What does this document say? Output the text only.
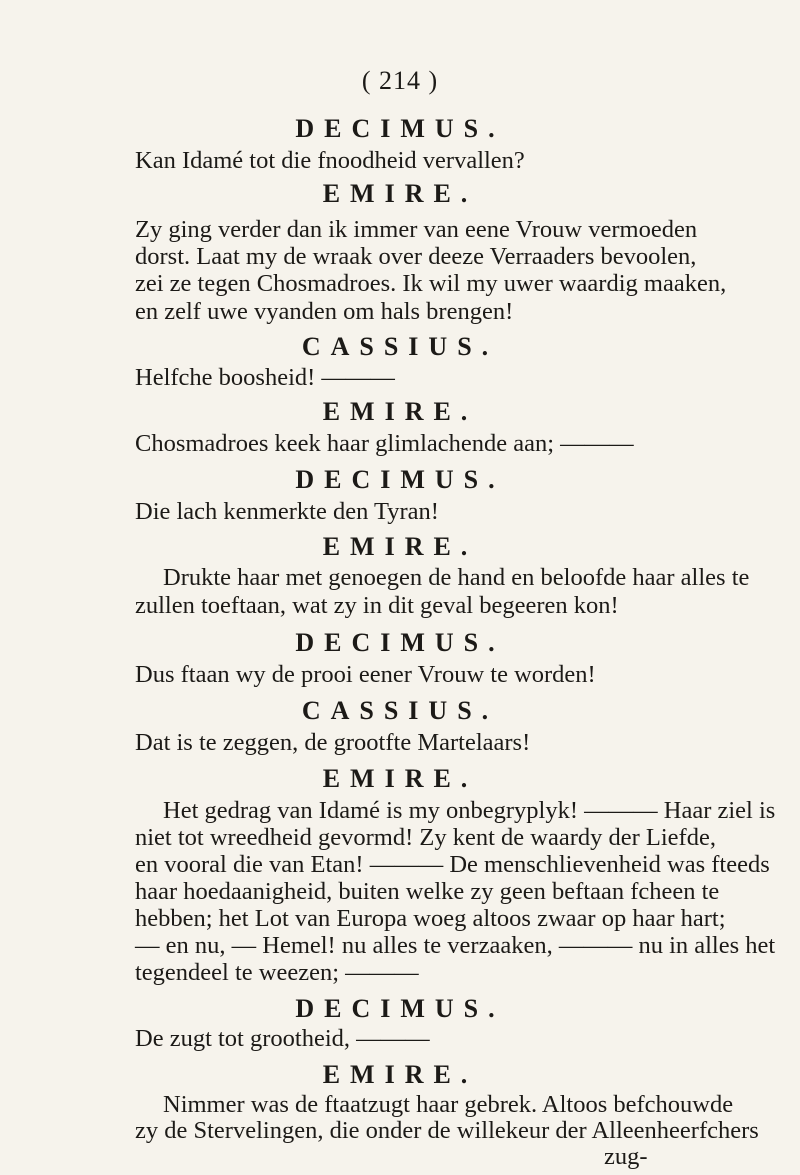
( 214 )
DECIMUS.
Kan Idamé tot die fnoodheid vervallen?
EMIRE.
Zy ging verder dan ik immer van eene Vrouw vermoeden
dorst. Laat my de wraak over deeze Verraaders bevoolen,
zei ze tegen Chosmadroes. Ik wil my uwer waardig maaken,
en zelf uwe vyanden om hals brengen!
CASSIUS.
Helfche boosheid! ———
EMIRE.
Chosmadroes keek haar glimlachende aan; ———
DECIMUS.
Die lach kenmerkte den Tyran!
EMIRE.
Drukte haar met genoegen de hand en beloofde haar alles te
zullen toeftaan, wat zy in dit geval begeeren kon!
DECIMUS.
Dus ftaan wy de prooi eener Vrouw te worden!
CASSIUS.
Dat is te zeggen, de grootfte Martelaars!
EMIRE.
Het gedrag van Idamé is my onbegryplyk! ——— Haar ziel is
niet tot wreedheid gevormd! Zy kent de waardy der Liefde,
en vooral die van Etan! ——— De menschlievenheid was fteeds
haar hoedaanigheid, buiten welke zy geen beftaan fcheen te
hebben; het Lot van Europa woeg altoos zwaar op haar hart;
— en nu, — Hemel! nu alles te verzaaken, ——— nu in alles het
tegendeel te weezen; ———
DECIMUS.
De zugt tot grootheid, ———
EMIRE.
Nimmer was de ftaatzugt haar gebrek. Altoos befchouwde
zy de Stervelingen, die onder de willekeur der Alleenheerfchers
zug-
